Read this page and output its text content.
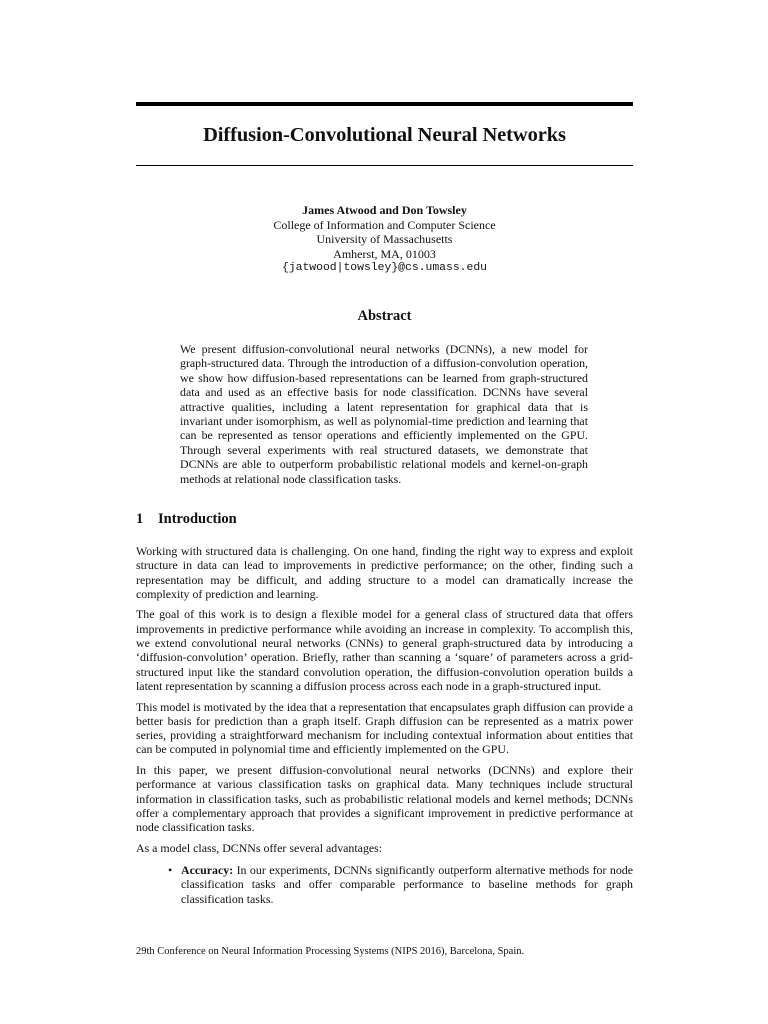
Diffusion-Convolutional Neural Networks
James Atwood and Don Towsley
College of Information and Computer Science
University of Massachusetts
Amherst, MA, 01003
{jatwood|towsley}@cs.umass.edu
Abstract
We present diffusion-convolutional neural networks (DCNNs), a new model for graph-structured data. Through the introduction of a diffusion-convolution operation, we show how diffusion-based representations can be learned from graph-structured data and used as an effective basis for node classification. DCNNs have several attractive qualities, including a latent representation for graphical data that is invariant under isomorphism, as well as polynomial-time prediction and learning that can be represented as tensor operations and efficiently implemented on the GPU. Through several experiments with real structured datasets, we demonstrate that DCNNs are able to outperform probabilistic relational models and kernel-on-graph methods at relational node classification tasks.
1 Introduction

Working with structured data is challenging. On one hand, finding the right way to express and exploit structure in data can lead to improvements in predictive performance; on the other, finding such a representation may be difficult, and adding structure to a model can dramatically increase the complexity of prediction and learning.

The goal of this work is to design a flexible model for a general class of structured data that offers improvements in predictive performance while avoiding an increase in complexity. To accomplish this, we extend convolutional neural networks (CNNs) to general graph-structured data by introducing a ‘diffusion-convolution’ operation. Briefly, rather than scanning a ‘square’ of parameters across a grid-structured input like the standard convolution operation, the diffusion-convolution operation builds a latent representation by scanning a diffusion process across each node in a graph-structured input.

This model is motivated by the idea that a representation that encapsulates graph diffusion can provide a better basis for prediction than a graph itself. Graph diffusion can be represented as a matrix power series, providing a straightforward mechanism for including contextual information about entities that can be computed in polynomial time and efficiently implemented on the GPU.

In this paper, we present diffusion-convolutional neural networks (DCNNs) and explore their performance at various classification tasks on graphical data. Many techniques include structural information in classification tasks, such as probabilistic relational models and kernel methods; DCNNs offer a complementary approach that provides a significant improvement in predictive performance at node classification tasks.

As a model class, DCNNs offer several advantages:

• Accuracy: In our experiments, DCNNs significantly outperform alternative methods for node classification tasks and offer comparable performance to baseline methods for graph classification tasks.
29th Conference on Neural Information Processing Systems (NIPS 2016), Barcelona, Spain.
